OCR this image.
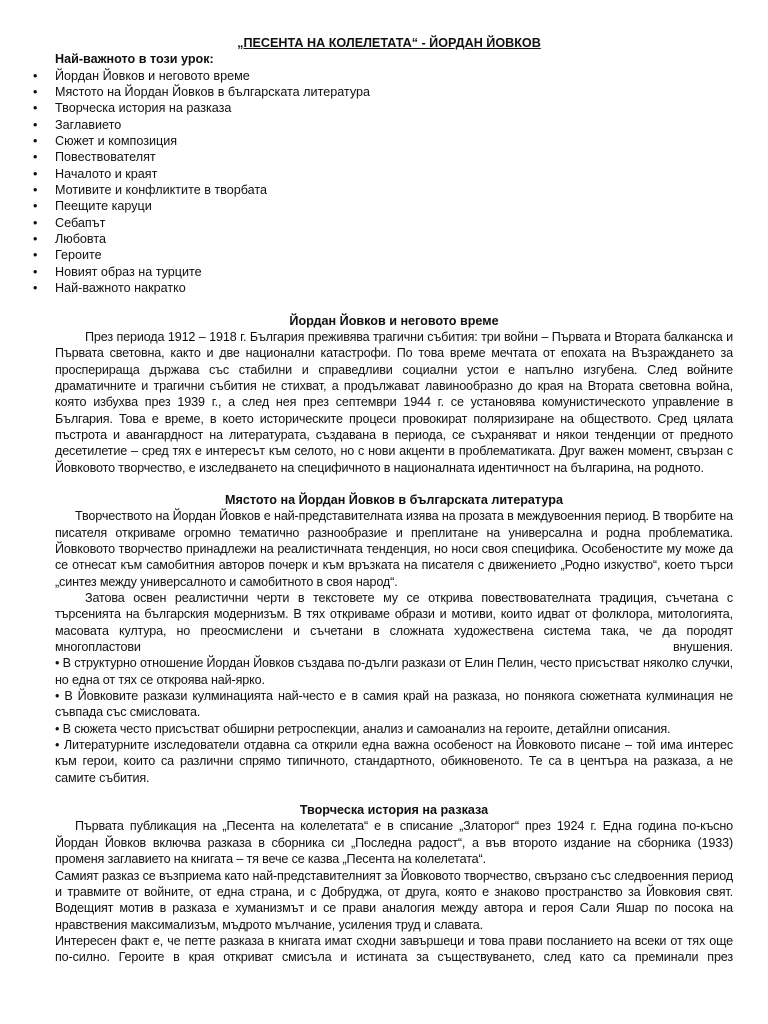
„ПЕСЕНТА НА КОЛЕЛЕТАТА“ - ЙОРДАН ЙОВКОВ
Най-важното в този урок:
• Йордан Йовков и неговото време
• Мястото на Йордан Йовков в българската литература
• Творческа история на разказа
• Заглавието
• Сюжет и композиция
• Повествователят
• Началото и краят
• Мотивите и конфликтите в творбата
• Пеещите каруци
• Себапът
• Любовта
• Героите
• Новият образ на турците
• Най-важното накратко
Йордан Йовков и неговото време

През периода 1912 – 1918 г. България преживява трагични събития: три войни – Първата и Втората балканска и Първата световна, както и две национални катастрофи. По това време мечтата от епохата на Възраждането за просперираща държава със стабилни и справедливи социални устои е напълно изгубена. След войните драматичните и трагични събития не стихват, а продължават лавинообразно до края на Втората световна война, която избухва през 1939 г., а след нея през септември 1944 г. се установява комунистическото управление в България. Това е време, в което историческите процеси провокират поляризиране на обществото. Сред цялата пъстрота и авангардност на литературата, създавана в периода, се съхраняват и някои тенденции от предното десетилетие – сред тях е интересът към селото, но с нови акценти в проблематиката. Друг важен момент, свързан с Йовковото творчество, е изследването на специфичното в националната идентичност на българина, на родното.

Мястото на Йордан Йовков в българската литература

Творчеството на Йордан Йовков е най-представителната изява на прозата в междувоенния период. В творбите на писателя откриваме огромно тематично разнообразие и преплитане на универсална и родна проблематика. Йовковото творчество принадлежи на реалистичната тенденция, но носи своя специфика. Особеностите му може да се отнесат към самобитния авторов почерк и към връзката на писателя с движението „Родно изкуство“, което търси „синтез между универсалното и самобитното в своя народ“.

Затова освен реалистични черти в текстовете му се открива повествователната традиция, съчетана с търсенията на българския модернизъм. В тях откриваме образи и мотиви, които идват от фолклора, митологията, масовата култура, но преосмислени и съчетани в сложната художествена система така, че да породят многопластови внушения.

• В структурно отношение Йордан Йовков създава по-дълги разкази от Елин Пелин, често присъстват няколко случки, но една от тях се откроява най-ярко.

• В Йовковите разкази кулминацията най-често е в самия край на разказа, но понякога сюжетната кулминация не съвпада със смисловата.

• В сюжета често присъстват обширни ретроспекции, анализ и самоанализ на героите, детайлни описания.

• Литературните изследователи отдавна са открили една важна особеност на Йовковото писане – той има интерес към герои, които са различни спрямо типичното, стандартното, обикновеното. Те са в центъра на разказа, а не самите събития.

Творческа история на разказа

Първата публикация на „Песента на колелетата“ е в списание „Златорог“ през 1924 г. Една година по-късно Йордан Йовков включва разказа в сборника си „Последна радост“, а във второто издание на сборника (1933) променя заглавието на книгата – тя вече се казва „Песента на колелетата“.

Самият разказ се възприема като най-представителният за Йовковото творчество, свързано със следвоенния период и травмите от войните, от една страна, и с Добруджа, от друга, която е знаково пространство за Йовковия свят. Водещият мотив в разказа е хуманизмът и се прави аналогия между автора и героя Сали Яшар по посока на нравствения максимализъм, мъдрото мълчание, усиления труд и славата.

Интересен факт е, че петте разказа в книгата имат сходни завършеци и това прави посланието на всеки от тях още по-силно. Героите в края откриват смисъла и истината за съществуването, след като са преминали през
